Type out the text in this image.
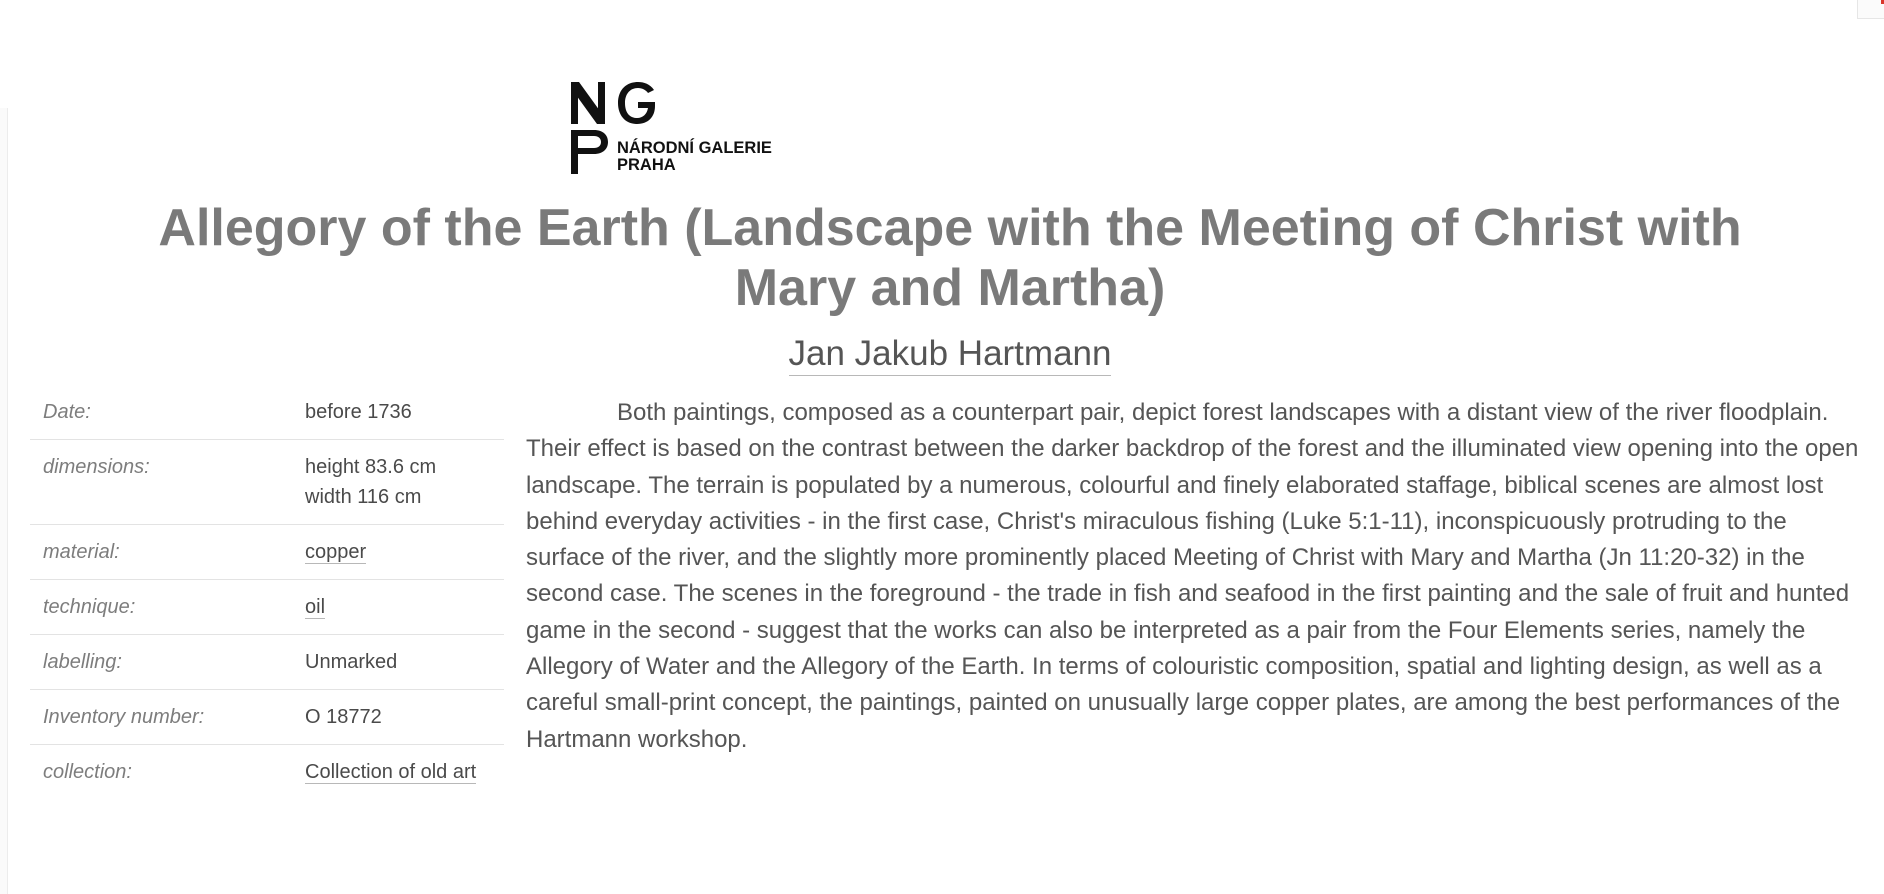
NÁRODNÍ GALERIE
PRAHA
Allegory of the Earth (Landscape with the Meeting of Christ with Mary and Martha)
Jan Jakub Hartmann
Date:	before 1736
dimensions:	height 83.6 cm
width 116 cm

material:	copper
technique:	oil
labelling:	Unmarked
Inventory number:	O 18772
collection:	Collection of old art

Both paintings, composed as a counterpart pair, depict forest landscapes with a distant view of the river floodplain. Their effect is based on the contrast between the darker backdrop of the forest and the illuminated view opening into the open landscape. The terrain is populated by a numerous, colourful and finely elaborated staffage, biblical scenes are almost lost behind everyday activities - in the first case, Christ's miraculous fishing (Luke 5:1-11), inconspicuously protruding to the surface of the river, and the slightly more prominently placed Meeting of Christ with Mary and Martha (Jn 11:20-32) in the second case. The scenes in the foreground - the trade in fish and seafood in the first painting and the sale of fruit and hunted game in the second - suggest that the works can also be interpreted as a pair from the Four Elements series, namely the Allegory of Water and the Allegory of the Earth. In terms of colouristic composition, spatial and lighting design, as well as a careful small-print concept, the paintings, painted on unusually large copper plates, are among the best performances of the Hartmann workshop.
